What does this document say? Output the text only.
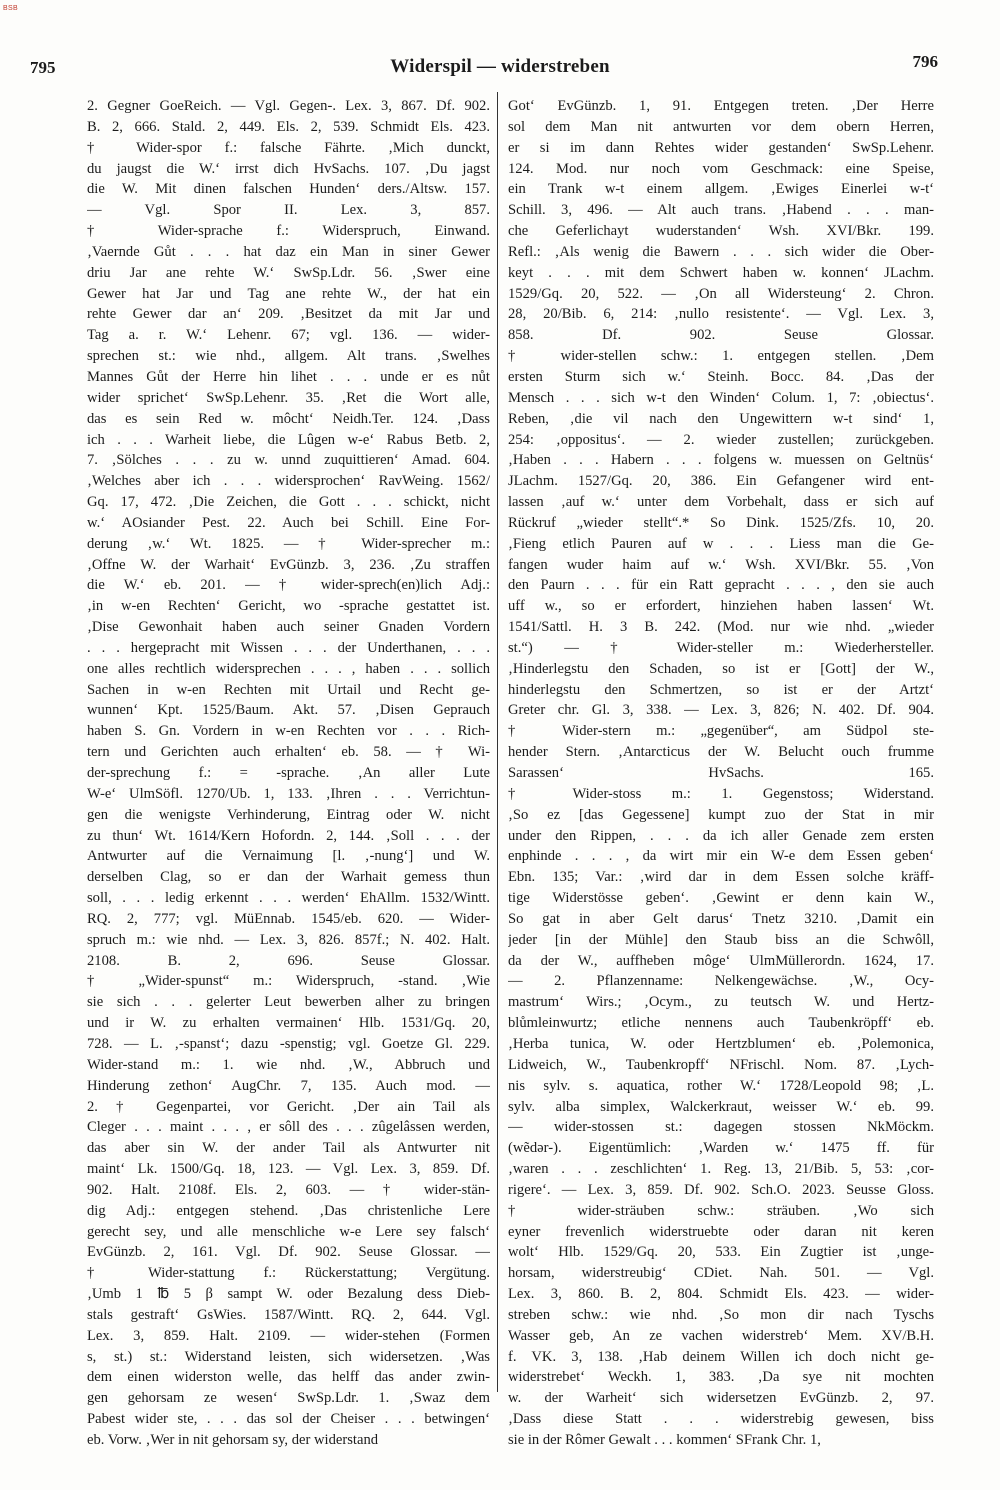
BSB
795	Widerspil — widerstreben	796
2. Gegner GoeReich. — Vgl. Gegen-. Lex. 3, 867. Df. 902.
B. 2, 666. Stald. 2, 449. Els. 2, 539. Schmidt Els. 423.
† Wider-spor f.: falsche Fährte. ‚Mich dunckt,
du jaugst die W.‘ irrst dich HvSachs. 107. ‚Du jagst
die W. Mit dinen falschen Hunden‘ ders./Altsw. 157.
— Vgl. Spor II. Lex. 3, 857.
† Wider-sprache f.: Widerspruch, Einwand.
‚Vaernde Gůt . . . hat daz ein Man in siner Gewer
driu Jar ane rehte W.‘ SwSp.Ldr. 56. ‚Swer eine
Gewer hat Jar und Tag ane rehte W., der hat ein
rehte Gewer dar an‘ 209. ‚Besitzet da mit Jar und
Tag a. r. W.‘ Lehenr. 67; vgl. 136. — wider-
sprechen st.: wie nhd., allgem. Alt trans. ‚Swelhes
Mannes Gůt der Herre hin lihet . . . unde er es nůt
wider sprichet‘ SwSp.Lehenr. 35. ‚Ret die Wort alle,
das es sein Red w. môcht‘ Neidh.Ter. 124. ‚Dass
ich . . . Warheit liebe, die Lûgen w-e‘ Rabus Betb. 2,
7. ‚Sölches . . . zu w. unnd zuquittieren‘ Amad. 604.
‚Welches aber ich . . . widersprochen‘ RavWeing. 1562/
Gq. 17, 472. ‚Die Zeichen, die Gott . . . schickt, nicht
w.‘ AOsiander Pest. 22. Auch bei Schill. Eine For-
derung ‚w.‘ Wt. 1825. — † Wider-sprecher m.:
‚Offne W. der Warhait‘ EvGünzb. 3, 236. ‚Zu straffen
die W.‘ eb. 201. — † wider-sprech(en)lich Adj.:
‚in w-en Rechten‘ Gericht, wo -sprache gestattet ist.
‚Dise Gewonhait haben auch seiner Gnaden Vordern
. . . hergepracht mit Wissen . . . der Underthanen, . . .
one alles rechtlich widersprechen . . . , haben . . . sollich
Sachen in w-en Rechten mit Urtail und Recht ge-
wunnen‘ Kpt. 1525/Baum. Akt. 57. ‚Disen Geprauch
haben S. Gn. Vordern in w-en Rechten vor . . . Rich-
tern und Gerichten auch erhalten‘ eb. 58. — † Wi-
der-sprechung f.: = -sprache. ‚An aller Lute
W-e‘ UlmSöfl. 1270/Ub. 1, 133. ‚Ihren . . . Verrichtun-
gen die wenigste Verhinderung, Eintrag oder W. nicht
zu thun‘ Wt. 1614/Kern Hofordn. 2, 144. ‚Soll . . . der
Antwurter auf die Vernaimung [l. ‚-nung‘] und W.
derselben Clag, so er dan der Warhait gemess thun
soll, . . . ledig erkennt . . . werden‘ EhAllm. 1532/Wintt.
RQ. 2, 777; vgl. MüEnnab. 1545/eb. 620. — Wider-
spruch m.: wie nhd. — Lex. 3, 826. 857f.; N. 402. Halt.
2108. B. 2, 696. Seuse Glossar.
† „Wider-spunst“ m.: Widerspruch, -stand. ‚Wie
sie sich . . . gelerter Leut bewerben alher zu bringen
und ir W. zu erhalten vermainen‘ Hlb. 1531/Gq. 20,
728. — L. ‚-spanst‘; dazu -spenstig; vgl. Goetze Gl. 229.
Wider-stand m.: 1. wie nhd. ‚W., Abbruch und
Hinderung zethon‘ AugChr. 7, 135. Auch mod. —
2. † Gegenpartei, vor Gericht. ‚Der ain Tail als
Cleger . . . maint . . . , er sôll des . . . zûgelâssen werden,
das aber sin W. der ander Tail als Antwurter nit
maint‘ Lk. 1500/Gq. 18, 123. — Vgl. Lex. 3, 859. Df.
902. Halt. 2108f. Els. 2, 603. — † wider-stän-
dig Adj.: entgegen stehend. ‚Das christenliche Lere
gerecht sey, und alle menschliche w-e Lere sey falsch‘
EvGünzb. 2, 161. Vgl. Df. 902. Seuse Glossar. —
† Wider-stattung f.: Rückerstattung; Vergütung.
‚Umb 1 ℔ 5 β sampt W. oder Bezalung dess Dieb-
stals gestraft‘ GsWies. 1587/Wintt. RQ. 2, 644. Vgl.
Lex. 3, 859. Halt. 2109. — wider-stehen (Formen
s, st.) st.: Widerstand leisten, sich widersetzen. ‚Was
dem einen widerston welle, das helff das ander zwin-
gen gehorsam ze wesen‘ SwSp.Ldr. 1. ‚Swaz dem
Pabest wider ste, . . . das sol der Cheiser . . . betwingen‘
eb. Vorw. ‚Wer in nit gehorsam sy, der widerstand
Got‘ EvGünzb. 1, 91. Entgegen treten. ‚Der Herre
sol dem Man nit antwurten vor dem obern Herren,
er si im dann Rehtes wider gestanden‘ SwSp.Lehenr.
124. Mod. nur noch vom Geschmack: eine Speise,
ein Trank w-t einem allgem. ‚Ewiges Einerlei w-t‘
Schill. 3, 496. — Alt auch trans. ‚Habend . . . man-
che Geferlichayt wuderstanden‘ Wsh. XVI/Bkr. 199.
Refl.: ‚Als wenig die Bawern . . . sich wider die Ober-
keyt . . . mit dem Schwert haben w. konnen‘ JLachm.
1529/Gq. 20, 522. — ‚On all Widersteung‘ 2. Chron.
28, 20/Bib. 6, 214: ‚nullo resistente‘. — Vgl. Lex. 3,
858. Df. 902. Seuse Glossar.
† wider-stellen schw.: 1. entgegen stellen. ‚Dem
ersten Sturm sich w.‘ Steinh. Bocc. 84. ‚Das der
Mensch . . . sich w-t den Winden‘ Colum. 1, 7: ‚obiectus‘.
Reben, ‚die vil nach den Ungewittern w-t sind‘ 1,
254: ‚oppositus‘. — 2. wieder zustellen; zurückgeben.
‚Haben . . . Habern . . . folgens w. muessen on Geltnüs‘
JLachm. 1527/Gq. 20, 386. Ein Gefangener wird ent-
lassen ‚auf w.‘ unter dem Vorbehalt, dass er sich auf
Rückruf „wieder stellt“.* So Dink. 1525/Zfs. 10, 20.
‚Fieng etlich Pauren auf w . . . Liess man die Ge-
fangen wuder haim auf w.‘ Wsh. XVI/Bkr. 55. ‚Von
den Paurn . . . für ein Ratt gepracht . . . , den sie auch
uff w., so er erfordert, hinziehen haben lassen‘ Wt.
1541/Sattl. H. 3 B. 242. (Mod. nur wie nhd. „wieder
st.“) — † Wider-steller m.: Wiederhersteller.
‚Hinderlegstu den Schaden, so ist er [Gott] der W.,
hinderlegstu den Schmertzen, so ist er der Artzt‘
Greter chr. Gl. 3, 338. — Lex. 3, 826; N. 402. Df. 904.
† Wider-stern m.: „gegenüber“, am Südpol ste-
hender Stern. ‚Antarcticus der W. Belucht ouch frumme
Sarassen‘ HvSachs. 165.
† Wider-stoss m.: 1. Gegenstoss; Widerstand.
‚So ez [das Gegessene] kumpt zuo der Stat in mir
under den Rippen, . . . da ich aller Genade zem ersten
enphinde . . . , da wirt mir ein W-e dem Essen geben‘
Ebn. 135; Var.: ‚wird dar in dem Essen solche kräff-
tige Widerstösse geben‘. ‚Gewint er denn kain W.,
So gat in aber Gelt darus‘ Tnetz 3210. ‚Damit ein
jeder [in der Mühle] den Staub biss an die Schwôll,
da der W., auffheben môge‘ UlmMüllerordn. 1624, 17.
— 2. Pflanzenname: Nelkengewächse. ‚W., Ocy-
mastrum‘ Wirs.; ‚Ocym., zu teutsch W. und Hertz-
blůmleinwurtz; etliche nennens auch Taubenkröpff‘ eb.
‚Herba tunica, W. oder Hertzblumen‘ eb. ‚Polemonica,
Lidweich, W., Taubenkropff‘ NFrischl. Nom. 87. ‚Lych-
nis sylv. s. aquatica, rother W.‘ 1728/Leopold 98; ‚L.
sylv. alba simplex, Walckerkraut, weisser W.‘ eb. 99.
— wider-stossen st.: dagegen stossen NkMöckm.
(wẽdər-). Eigentümlich: ‚Warden w.‘ 1475 ff. für
‚waren . . . zeschlichten‘ 1. Reg. 13, 21/Bib. 5, 53: ‚cor-
rigere‘. — Lex. 3, 859. Df. 902. Sch.O. 2023. Seusse Gloss.
† wider-sträuben schw.: sträuben. ‚Wo sich
eyner frevenlich widerstruebte oder daran nit keren
wolt‘ Hlb. 1529/Gq. 20, 533. Ein Zugtier ist ‚unge-
horsam, widerstreubig‘ CDiet. Nah. 501. — Vgl.
Lex. 3, 860. B. 2, 804. Schmidt Els. 423. — wider-
streben schw.: wie nhd. ‚So mon dir nach Tyschs
Wasser geb, An ze vachen widerstreb‘ Mem. XV/B.H.
f. VK. 3, 138. ‚Hab deinem Willen ich doch nicht ge-
widerstrebet‘ Weckh. 1, 383. ‚Da sye nit mochten
w. der Warheit‘ sich widersetzen EvGünzb. 2, 97.
‚Dass diese Statt . . . widerstrebig gewesen, biss
sie in der Rômer Gewalt . . . kommen‘ SFrank Chr. 1,
